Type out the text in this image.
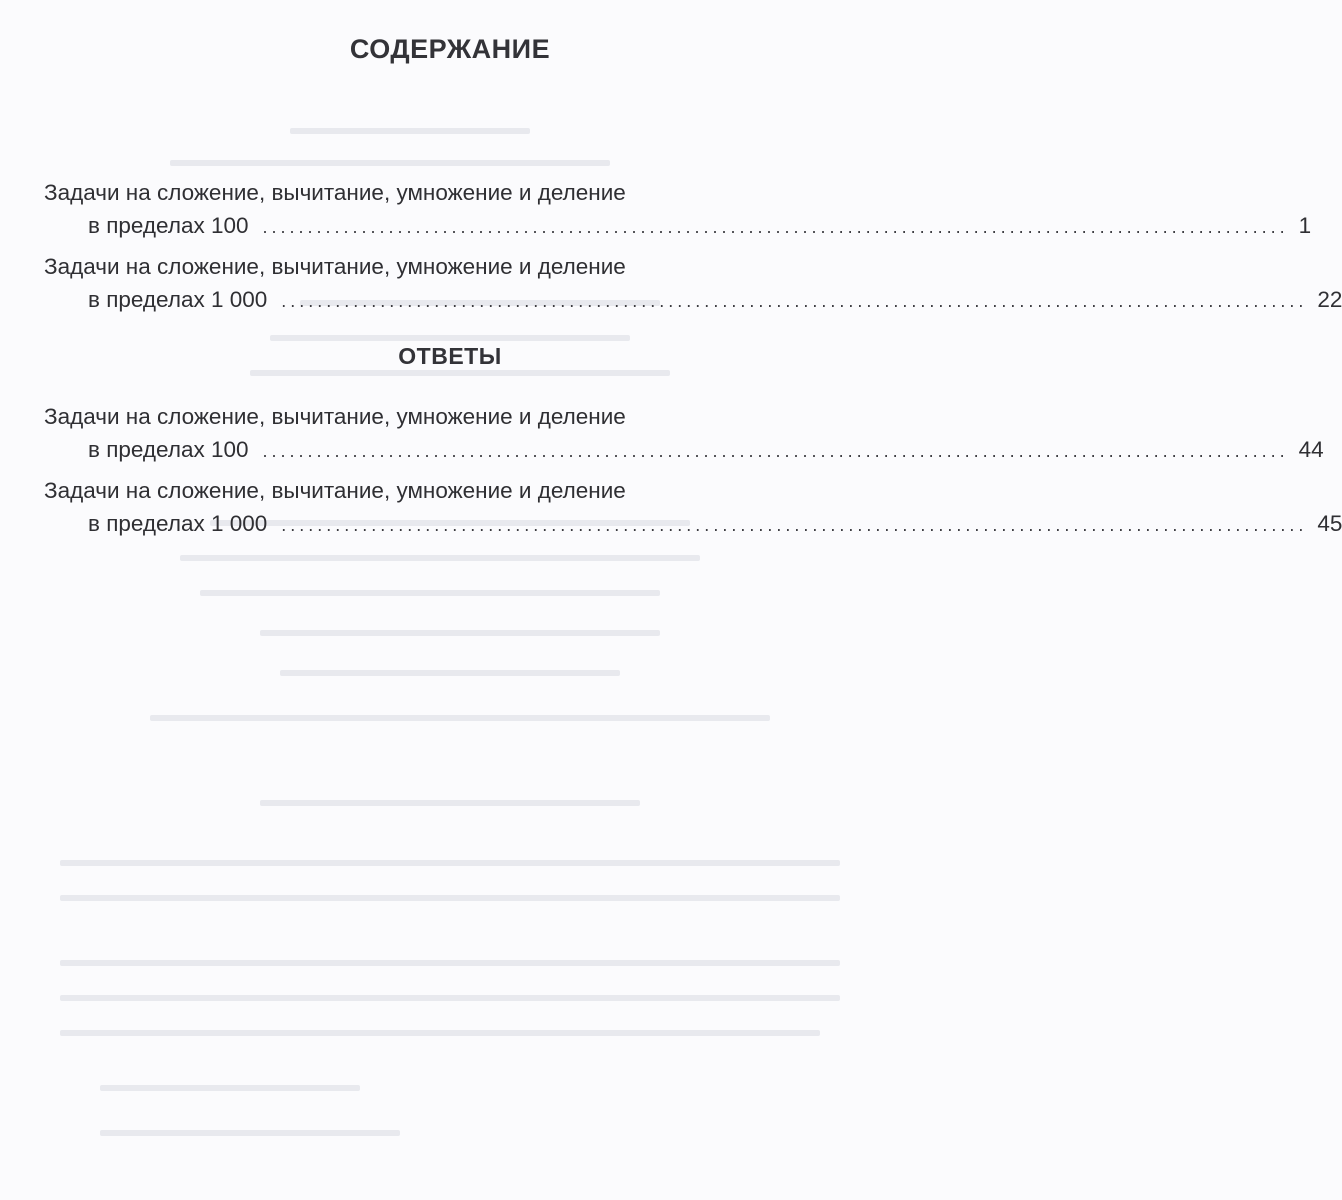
СОДЕРЖАНИЕ
Задачи на сложение, вычитание, умножение и деление
в пределах 100 .................................................................................................................. 1
Задачи на сложение, вычитание, умножение и деление
в пределах 1 000 .................................................................................................................. 22
ОТВЕТЫ
Задачи на сложение, вычитание, умножение и деление
в пределах 100 .................................................................................................................. 44
Задачи на сложение, вычитание, умножение и деление
в пределах 1 000 .................................................................................................................. 45
